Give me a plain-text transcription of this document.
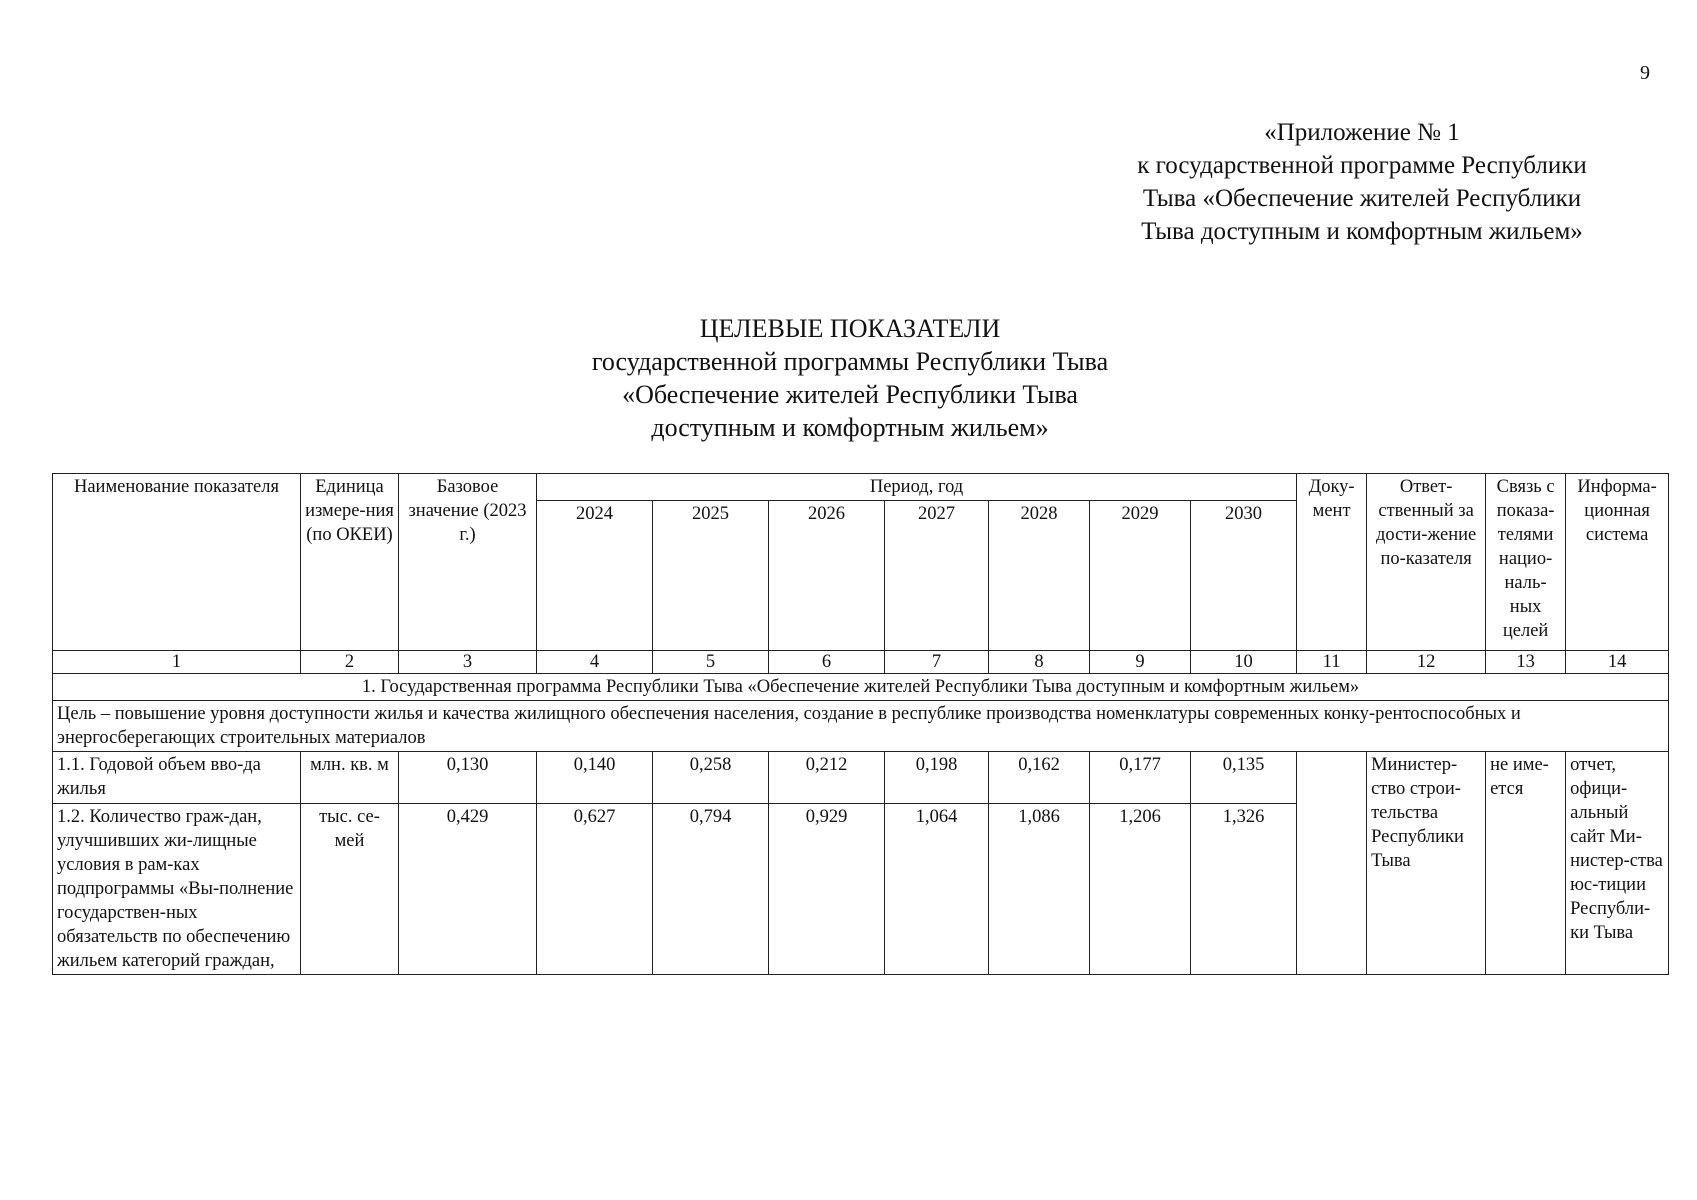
9
«Приложение № 1
к государственной программе Республики
Тыва «Обеспечение жителей Республики
Тыва доступным и комфортным жильем»
ЦЕЛЕВЫЕ ПОКАЗАТЕЛИ
государственной программы Республики Тыва
«Обеспечение жителей Республики Тыва
доступным и комфортным жильем»
Наименование показателя	Единица измере-ния (по ОКЕИ)	Базовое значение (2023 г.)	Период, год							Доку-мент	Ответ-ственный за дости-жение по-казателя	Связь с показа-телями нацио-наль-ных целей	Информа-ционная система
			2024	2025	2026	2027	2028	2029	2030				
1	2	3	4	5	6	7	8	9	10	11	12	13	14
1. Государственная программа Республики Тыва «Обеспечение жителей Республики Тыва доступным и комфортным жильем»													
Цель – повышение уровня доступности жилья и качества жилищного обеспечения населения, создание в республике производства номенклатуры современных конку-рентоспособных и энергосберегающих строительных материалов													
1.1. Годовой объем вво-да жилья	млн. кв. м	0,130	0,140	0,258	0,212	0,198	0,162	0,177	0,135		Министер-ство строи-тельства Республики Тыва	не име-ется	отчет, офици-альный сайт Ми-нистер-ства юс-тиции Республи-ки Тыва
1.2. Количество граж-дан, улучшивших жи-лищные условия в рам-ках подпрограммы «Вы-полнение государствен-ных обязательств по обеспечению жильем категорий граждан,	тыс. се-мей	0,429	0,627	0,794	0,929	1,064	1,086	1,206	1,326				
